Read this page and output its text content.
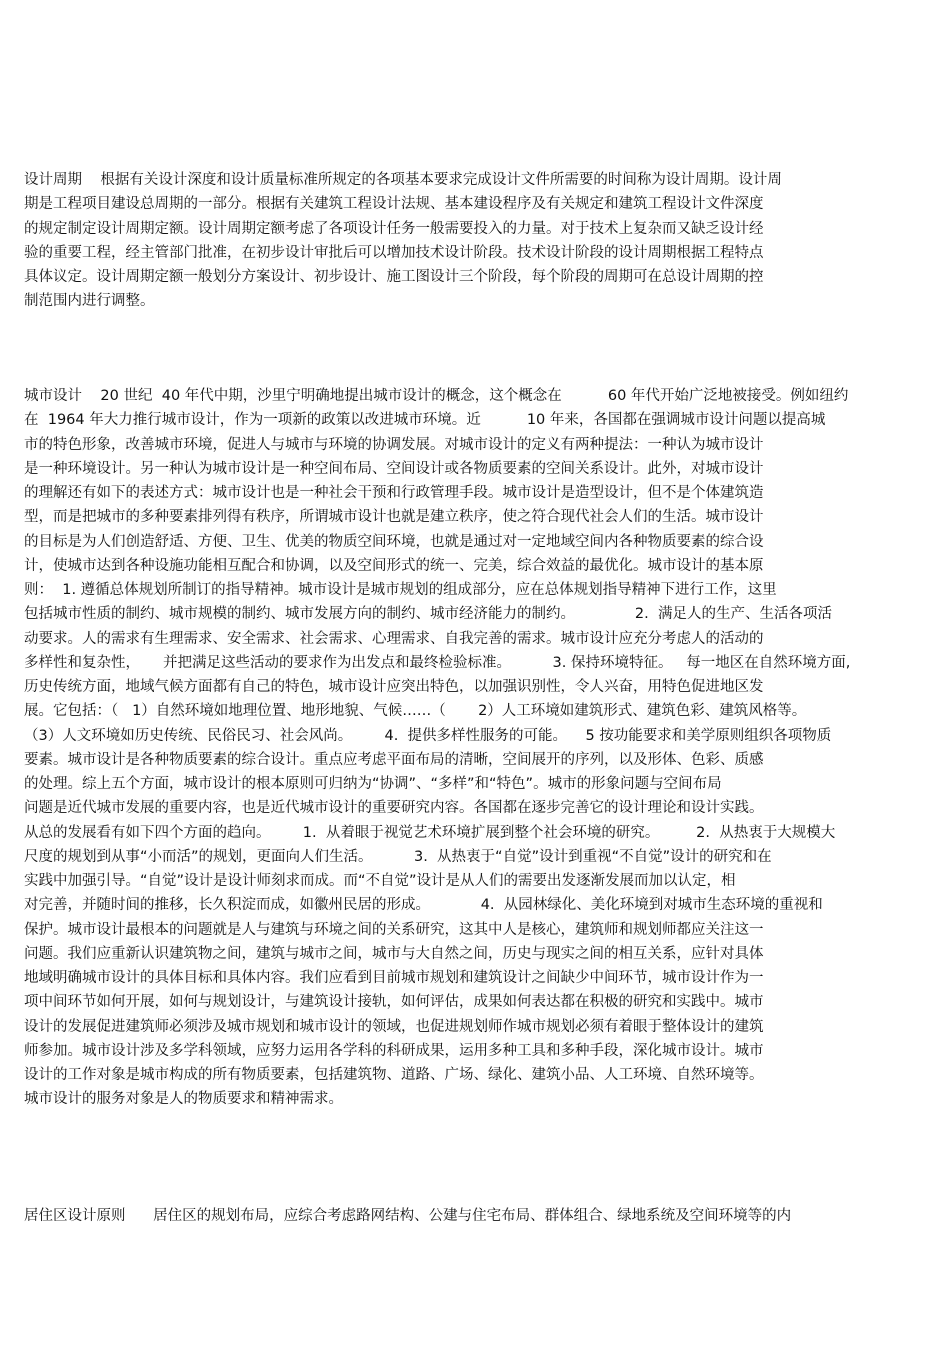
设计周期    根据有关设计深度和设计质量标准所规定的各项基本要求完成设计文件所需要的时间称为设计周期。设计周
期是工程项目建设总周期的一部分。根据有关建筑工程设计法规、基本建设程序及有关规定和建筑工程设计文件深度
的规定制定设计周期定额。设计周期定额考虑了各项设计任务一般需要投入的力量。对于技术上复杂而又缺乏设计经
验的重要工程，经主管部门批准，在初步设计审批后可以增加技术设计阶段。技术设计阶段的设计周期根据工程特点
具体议定。设计周期定额一般划分方案设计、初步设计、施工图设计三个阶段，每个阶段的周期可在总设计周期的控
制范围内进行调整。
城市设计    20 世纪  40 年代中期，沙里宁明确地提出城市设计的概念，这个概念在          60 年代开始广泛地被接受。例如纽约
在  1964 年大力推行城市设计，作为一项新的政策以改进城市环境。近          10 年来，各国都在强调城市设计问题以提高城
市的特色形象，改善城市环境，促进人与城市与环境的协调发展。对城市设计的定义有两种提法：一种认为城市设计
是一种环境设计。另一种认为城市设计是一种空间布局、空间设计或各物质要素的空间关系设计。此外，对城市设计
的理解还有如下的表述方式：城市设计也是一种社会干预和行政管理手段。城市设计是造型设计，但不是个体建筑造
型，而是把城市的多种要素排列得有秩序，所谓城市设计也就是建立秩序，使之符合现代社会人们的生活。城市设计
的目标是为人们创造舒适、方便、卫生、优美的物质空间环境，也就是通过对一定地域空间内各种物质要素的综合设
计，使城市达到各种设施功能相互配合和协调，以及空间形式的统一、完美，综合效益的最优化。城市设计的基本原
则：  1. 遵循总体规划所制订的指导精神。城市设计是城市规划的组成部分，应在总体规划指导精神下进行工作，这里
包括城市性质的制约、城市规模的制约、城市发展方向的制约、城市经济能力的制约。             2.  满足人的生产、生活各项活
动要求。人的需求有生理需求、安全需求、社会需求、心理需求、自我完善的需求。城市设计应充分考虑人的活动的
多样性和复杂性，     并把满足这些活动的要求作为出发点和最终检验标准。         3. 保持环境特征。   每一地区在自然环境方面,
历史传统方面，地域气候方面都有自己的特色，城市设计应突出特色，以加强识别性，令人兴奋，用特色促进地区发
展。它包括：（   1）自然环境如地理位置、地形地貌、气候……（       2）人工环境如建筑形式、建筑色彩、建筑风格等。
（3）人文环境如历史传统、民俗民习、社会风尚。       4.  提供多样性服务的可能。    5 按功能要求和美学原则组织各项物质
要素。城市设计是各种物质要素的综合设计。重点应考虑平面布局的清晰，空间展开的序列，以及形体、色彩、质感
的处理。综上五个方面，城市设计的根本原则可归纳为“协调”、“多样”和“特色”。城市的形象问题与空间布局
问题是近代城市发展的重要内容，也是近代城市设计的重要研究内容。各国都在逐步完善它的设计理论和设计实践。
从总的发展看有如下四个方面的趋向。       1.  从着眼于视觉艺术环境扩展到整个社会环境的研究。        2.  从热衷于大规模大
尺度的规划到从事“小而活”的规划，更面向人们生活。         3.  从热衷于“自觉”设计到重视“不自觉”设计的研究和在
实践中加强引导。“自觉”设计是设计师刻求而成。而“不自觉”设计是从人们的需要出发逐渐发展而加以认定，相
对完善，并随时间的推移，长久积淀而成，如徽州民居的形成。           4.  从园林绿化、美化环境到对城市生态环境的重视和
保护。城市设计最根本的问题就是人与建筑与环境之间的关系研究，这其中人是核心，建筑师和规划师都应关注这一
问题。我们应重新认识建筑物之间，建筑与城市之间，城市与大自然之间，历史与现实之间的相互关系，应针对具体
地域明确城市设计的具体目标和具体内容。我们应看到目前城市规划和建筑设计之间缺少中间环节，城市设计作为一
项中间环节如何开展，如何与规划设计，与建筑设计接轨，如何评估，成果如何表达都在积极的研究和实践中。城市
设计的发展促进建筑师必须涉及城市规划和城市设计的领域，也促进规划师作城市规划必须有着眼于整体设计的建筑
师参加。城市设计涉及多学科领域，应努力运用各学科的科研成果，运用多种工具和多种手段，深化城市设计。城市
设计的工作对象是城市构成的所有物质要素，包括建筑物、道路、广场、绿化、建筑小品、人工环境、自然环境等。
城市设计的服务对象是人的物质要求和精神需求。
居住区设计原则      居住区的规划布局，应综合考虑路网结构、公建与住宅布局、群体组合、绿地系统及空间环境等的内
